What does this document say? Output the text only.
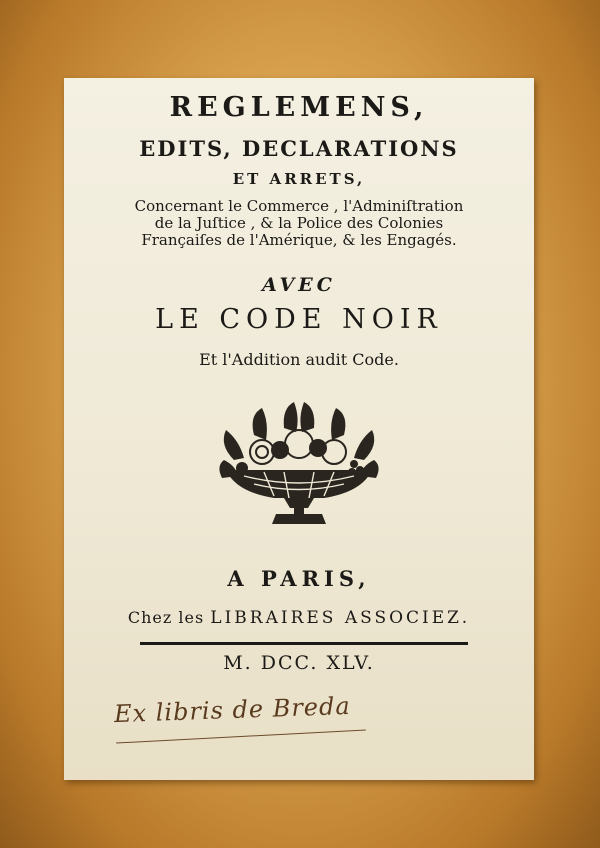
REGLEMENS,
EDITS, DECLARATIONS
ET ARRETS,
Concernant le Commerce , l'Adminiſtration
de la Juſtice , & la Police des Colonies
Françaiſes de l'Amérique, & les Engagés.
AVEC
LE CODE NOIR
Et l'Addition audit Code.
A PARIS,
Chez les LIBRAIRES ASSOCIEZ.
M. DCC. XLV.
Ex libris de Breda
